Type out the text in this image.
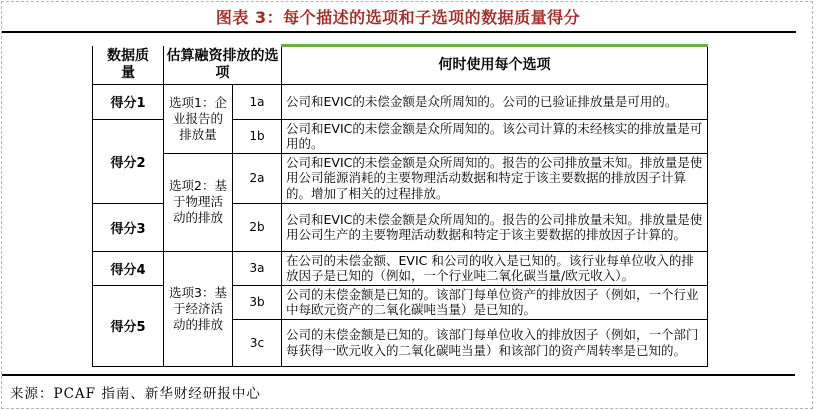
图表 3：每个描述的选项和子选项的数据质量得分
数据质量	估算融资排放的选项		何时使用每个选项
得分1	选项1：企业报告的排放量	1a	公司和EVIC的未偿金额是众所周知的。公司的已验证排放量是可用的。
得分2		1b	公司和EVIC的未偿金额是众所周知的。该公司计算的未经核实的排放量是可用的。
	选项2：基于物理活动的排放	2a	公司和EVIC的未偿金额是众所周知的。报告的公司排放量未知。排放量是使用公司能源消耗的主要物理活动数据和特定于该主要数据的排放因子计算的。增加了相关的过程排放。
得分3		2b	公司和EVIC的未偿金额是众所周知的。报告的公司排放量未知。排放量是使用公司生产的主要物理活动数据和特定于该主要数据的排放因子计算的。
得分4	选项3：基于经济活动的排放	3a	在公司的未偿金额、EVIC 和公司的收入是已知的。该行业每单位收入的排放因子是已知的（例如，一个行业吨二氧化碳当量/欧元收入）。
得分5		3b	公司的未偿金额是已知的。该部门每单位资产的排放因子（例如，一个行业中每欧元资产的二氧化碳吨当量）是已知的。
		3c	公司的未偿金额是已知的。该部门每单位收入的排放因子（例如，一个部门每获得一欧元收入的二氧化碳吨当量）和该部门的资产周转率是已知的。
来源：PCAF 指南、新华财经研报中心
